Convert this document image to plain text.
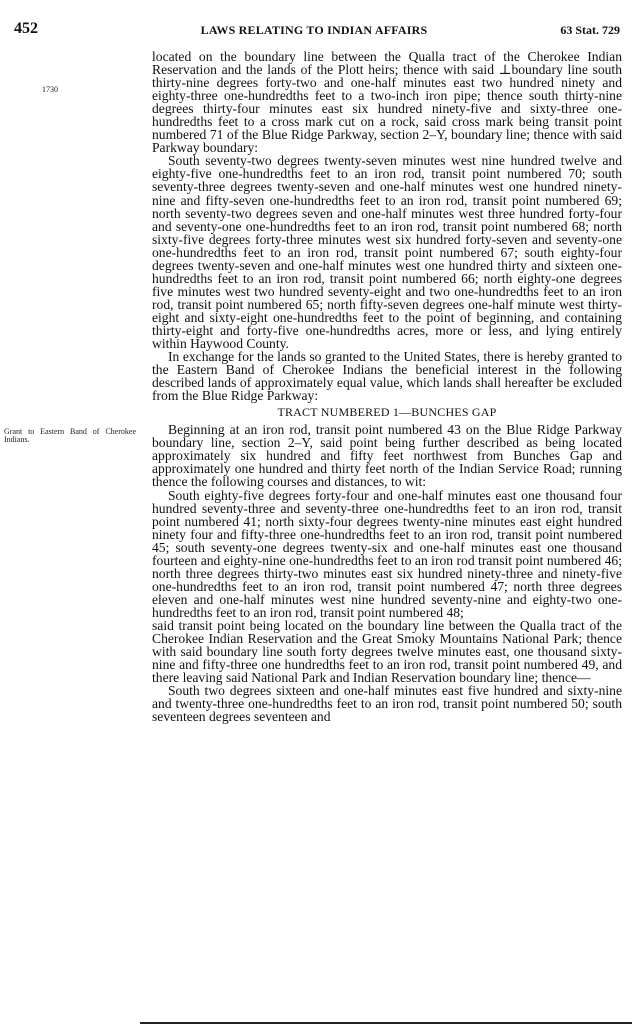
452	LAWS RELATING TO INDIAN AFFAIRS	63 Stat. 729
1730
Grant to Eastern Band of Cherokee Indians.

located on the boundary line between the Qualla tract of the Cherokee Indian Reservation and the lands of the Plott heirs; thence with said ⊥boundary line south thirty-nine degrees forty-two and one-half minutes east two hundred ninety and eighty-three one-hundredths feet to a two-inch iron pipe; thence south thirty-nine degrees thirty-four minutes east six hundred ninety-five and sixty-three one-hundredths feet to a cross mark cut on a rock, said cross mark being transit point numbered 71 of the Blue Ridge Parkway, section 2–Y, boundary line; thence with said Parkway boundary:

South seventy-two degrees twenty-seven minutes west nine hundred twelve and eighty-five one-hundredths feet to an iron rod, transit point numbered 70; south seventy-three degrees twenty-seven and one-half minutes west one hundred ninety-nine and fifty-seven one-hundredths feet to an iron rod, transit point numbered 69; north seventy-two degrees seven and one-half minutes west three hundred forty-four and seventy-one one-hundredths feet to an iron rod, transit point numbered 68; north sixty-five degrees forty-three minutes west six hundred forty-seven and seventy-one one-hundredths feet to an iron rod, transit point numbered 67; south eighty-four degrees twenty-seven and one-half minutes west one hundred thirty and sixteen one-hundredths feet to an iron rod, transit point numbered 66; north eighty-one degrees five minutes west two hundred seventy-eight and two one-hundredths feet to an iron rod, transit point numbered 65; north fifty-seven degrees one-half minute west thirty-eight and sixty-eight one-hundredths feet to the point of beginning, and containing thirty-eight and forty-five one-hundredths acres, more or less, and lying entirely within Haywood County.

In exchange for the lands so granted to the United States, there is hereby granted to the Eastern Band of Cherokee Indians the beneficial interest in the following described lands of approximately equal value, which lands shall hereafter be excluded from the Blue Ridge Parkway:

TRACT NUMBERED 1—BUNCHES GAP

Beginning at an iron rod, transit point numbered 43 on the Blue Ridge Parkway boundary line, section 2–Y, said point being further described as being located approximately six hundred and fifty feet northwest from Bunches Gap and approximately one hundred and thirty feet north of the Indian Service Road; running thence the following courses and distances, to wit:

South eighty-five degrees forty-four and one-half minutes east one thousand four hundred seventy-three and seventy-three one-hundredths feet to an iron rod, transit point numbered 41; north sixty-four degrees twenty-nine minutes east eight hundred ninety four and fifty-three one-hundredths feet to an iron rod, transit point numbered 45; south seventy-one degrees twenty-six and one-half minutes east one thousand fourteen and eighty-nine one-hundredths feet to an iron rod transit point numbered 46; north three degrees thirty-two minutes east six hundred ninety-three and ninety-five one-hundredths feet to an iron rod, transit point numbered 47; north three degrees eleven and one-half minutes west nine hundred seventy-nine and eighty-two one-hundredths feet to an iron rod, transit point numbered 48;

said transit point being located on the boundary line between the Qualla tract of the Cherokee Indian Reservation and the Great Smoky Mountains National Park; thence with said boundary line south forty degrees twelve minutes east, one thousand sixty-nine and fifty-three one hundredths feet to an iron rod, transit point numbered 49, and there leaving said National Park and Indian Reservation boundary line; thence—

South two degrees sixteen and one-half minutes east five hundred and sixty-nine and twenty-three one-hundredths feet to an iron rod, transit point numbered 50; south seventeen degrees seventeen and
